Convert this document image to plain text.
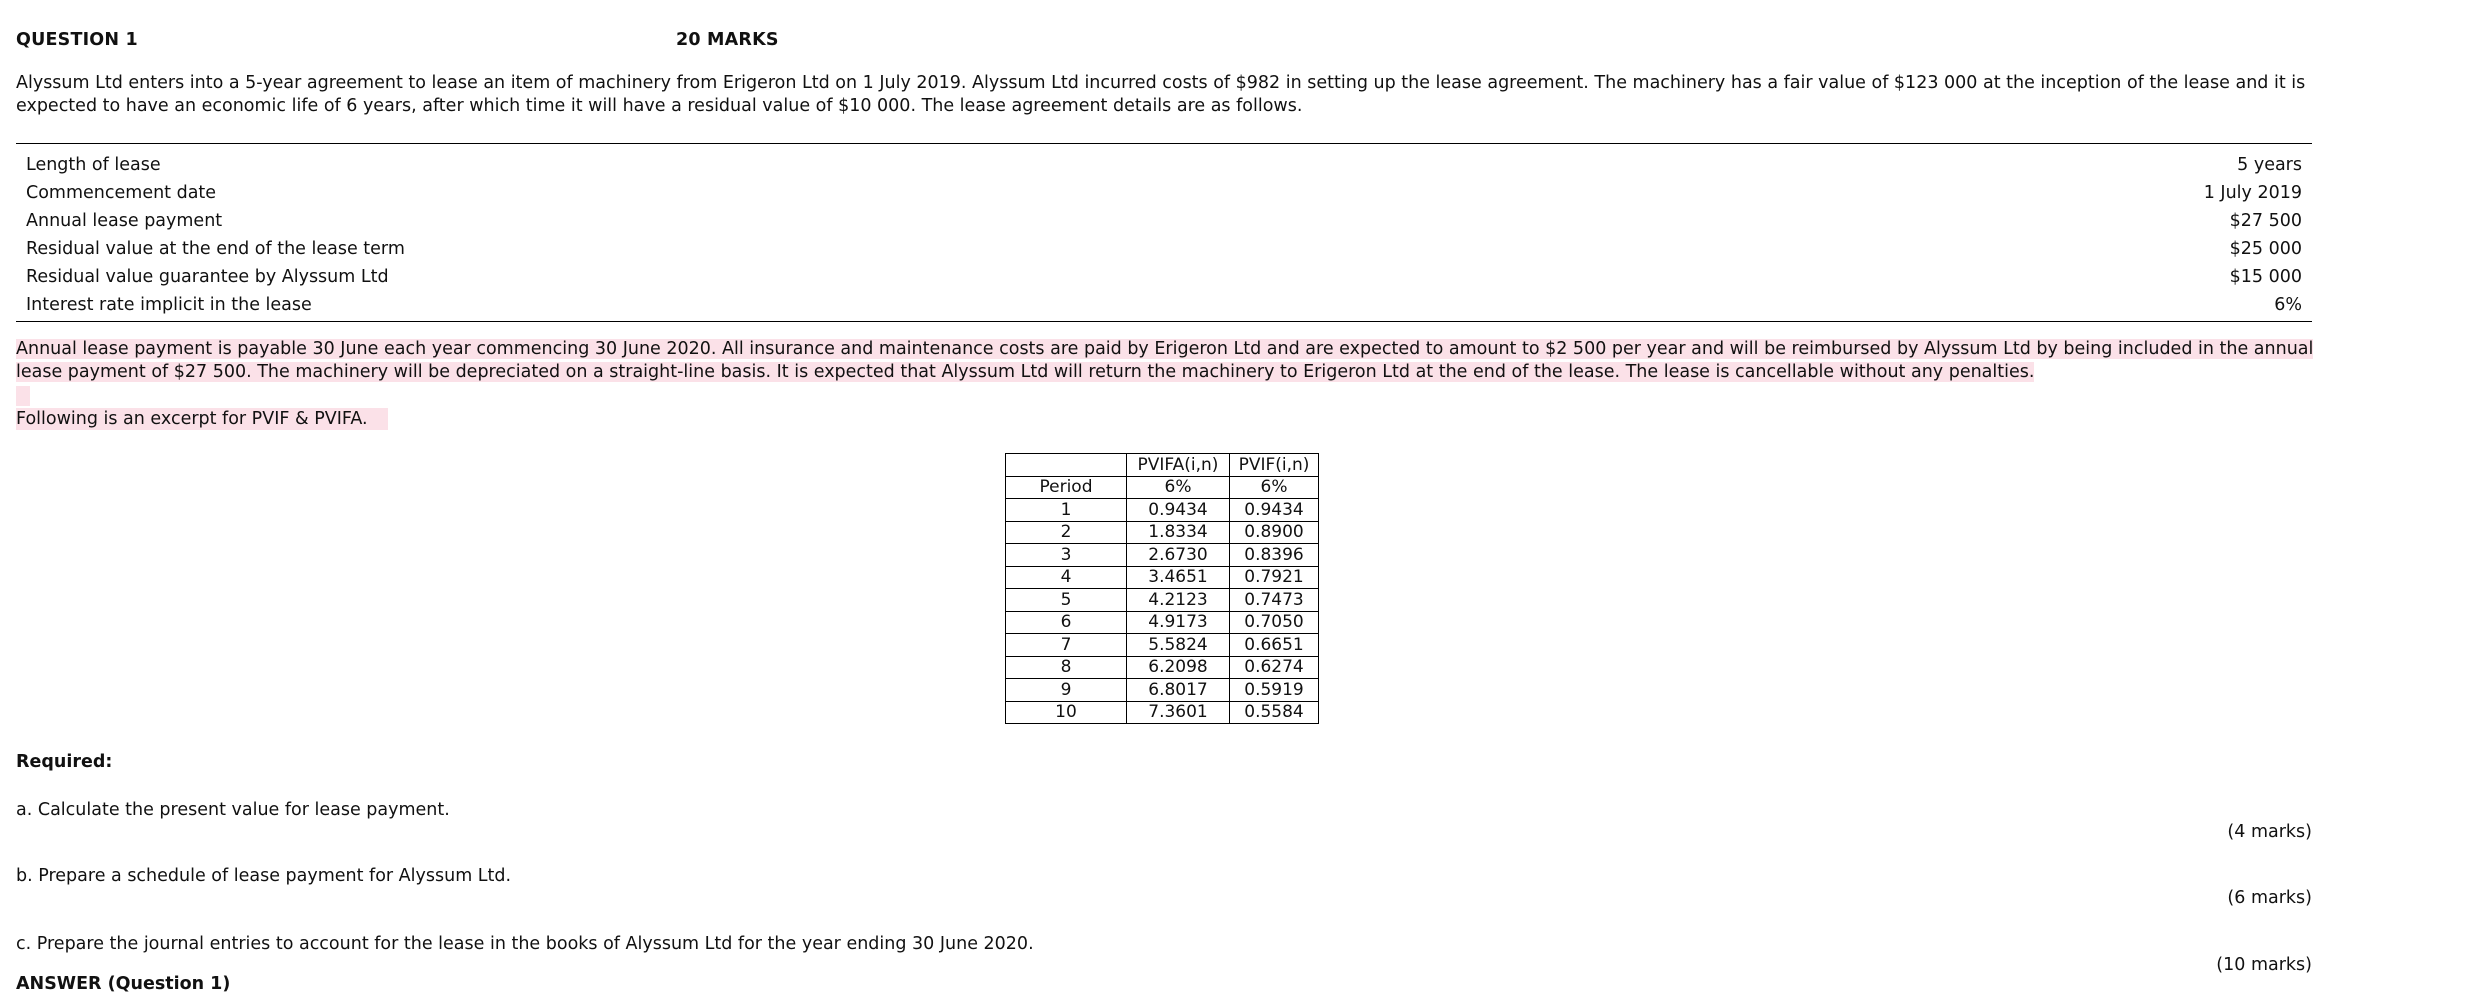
QUESTION 1	20 MARKS
Alyssum Ltd enters into a 5-year agreement to lease an item of machinery from Erigeron Ltd on 1 July 2019. Alyssum Ltd incurred costs of $982 in setting up the lease agreement. The machinery has a fair value of $123 000 at the inception of the lease and it is expected to have an economic life of 6 years, after which time it will have a residual value of $10 000. The lease agreement details are as follows.
Length of lease	5 years
Commencement date	1 July 2019
Annual lease payment	$27 500
Residual value at the end of the lease term	$25 000
Residual value guarantee by Alyssum Ltd	$15 000
Interest rate implicit in the lease	6%
Annual lease payment is payable 30 June each year commencing 30 June 2020. All insurance and maintenance costs are paid by Erigeron Ltd and are expected to amount to $2 500 per year and will be reimbursed by Alyssum Ltd by being included in the annual lease payment of $27 500. The machinery will be depreciated on a straight-line basis. It is expected that Alyssum Ltd will return the machinery to Erigeron Ltd at the end of the lease. The lease is cancellable without any penalties.
Following is an excerpt for PVIF & PVIFA.
	PVIFA(i,n)	PVIF(i,n)
Period	6%	6%
1	0.9434	0.9434
2	1.8334	0.8900
3	2.6730	0.8396
4	3.4651	0.7921
5	4.2123	0.7473
6	4.9173	0.7050
7	5.5824	0.6651
8	6.2098	0.6274
9	6.8017	0.5919
10	7.3601	0.5584
Required:
a. Calculate the present value for lease payment.
(4 marks)
b. Prepare a schedule of lease payment for Alyssum Ltd.
(6 marks)
c. Prepare the journal entries to account for the lease in the books of Alyssum Ltd for the year ending 30 June 2020.
(10 marks)
ANSWER (Question 1)
